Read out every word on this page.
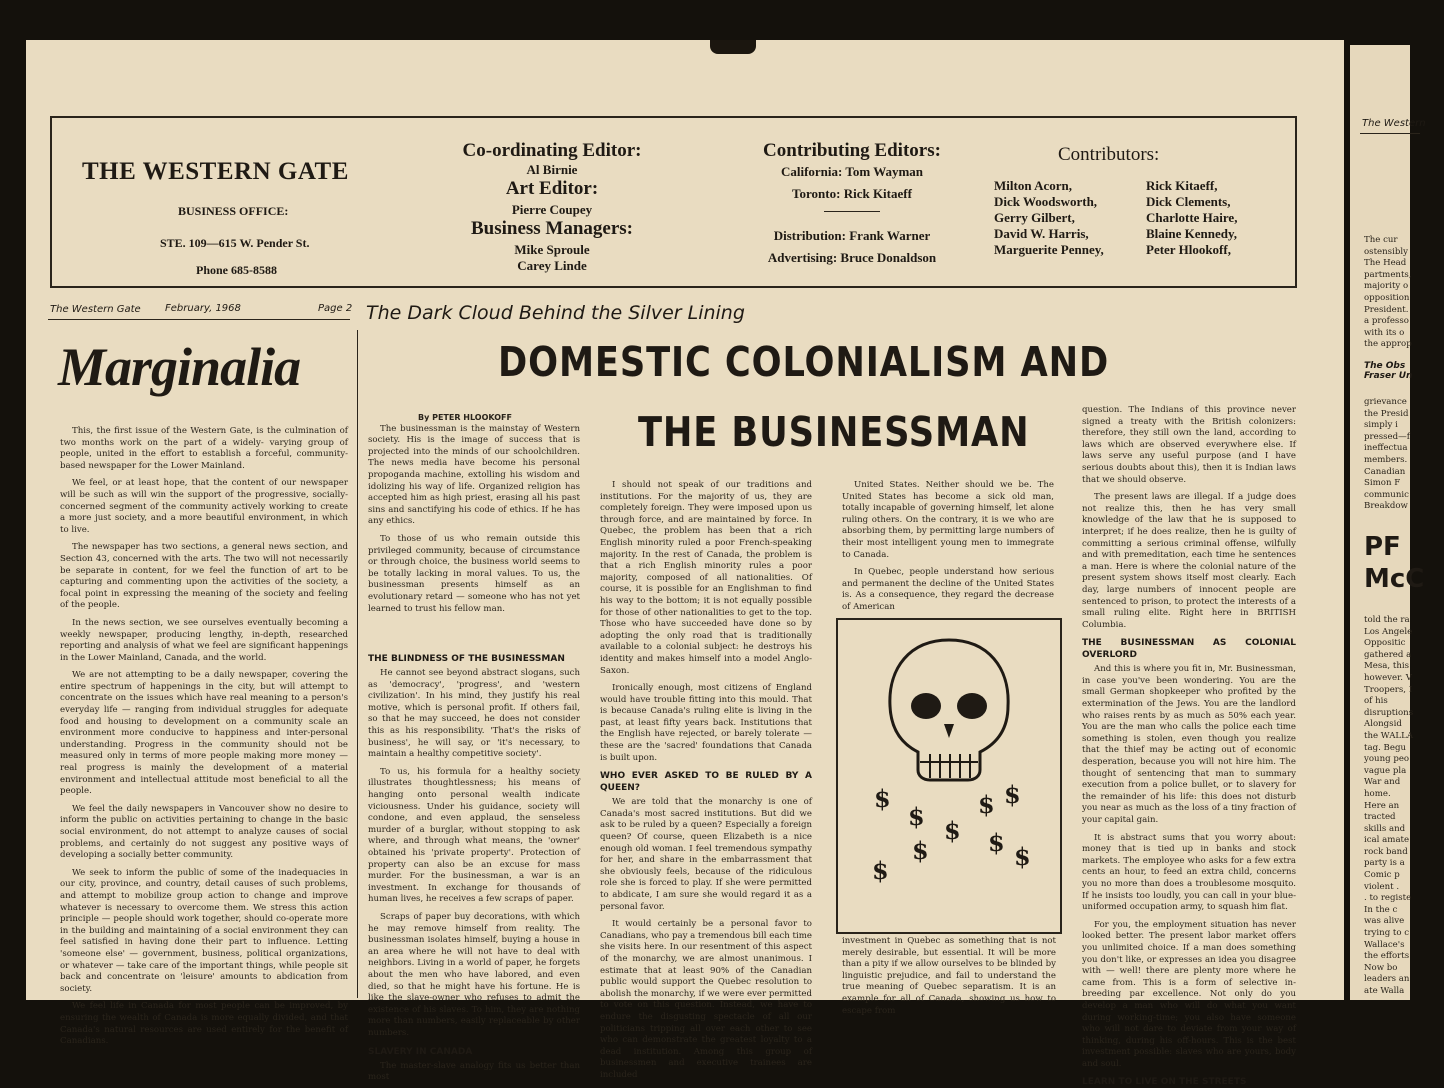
THE WESTERN GATE
BUSINESS OFFICE:
STE. 109—615 W. Pender St.
Phone 685-8588
Co-ordinating Editor:
Al Birnie
Art Editor:
Pierre Coupey
Business Managers:
Mike Sproule
Carey Linde
Contributing Editors:
California: Tom Wayman
Toronto: Rick Kitaeff
Distribution: Frank Warner
Advertising: Bruce Donaldson
Contributors:
Milton Acorn,
Dick Woodsworth,
Gerry Gilbert,
David W. Harris,
Marguerite Penney,
Rick Kitaeff,
Dick Clements,
Charlotte Haire,
Blaine Kennedy,
Peter Hlookoff,
The Western Gate February, 1968	Page 2 The Dark Cloud Behind the Silver Lining
Marginalia

This, the first issue of the Western Gate, is the culmination of two months work on the part of a widely- varying group of people, united in the effort to establish a forceful, community-based newspaper for the Lower Mainland.

We feel, or at least hope, that the content of our newspaper will be such as will win the support of the progressive, socially-concerned segment of the community actively working to create a more just society, and a more beautiful environment, in which to live.

The newspaper has two sections, a general news section, and Section 43, concerned with the arts. The two will not necessarily be separate in content, for we feel the function of art to be capturing and commenting upon the activities of the society, a focal point in expressing the meaning of the society and feeling of the people.

In the news section, we see ourselves eventually becoming a weekly newspaper, producing lengthy, in-depth, researched reporting and analysis of what we feel are significant happenings in the Lower Mainland, Canada, and the world.

We are not attempting to be a daily newspaper, covering the entire spectrum of happenings in the city, but will attempt to concentrate on the issues which have real meaning to a person's everyday life — ranging from individual struggles for adequate food and housing to development on a community scale an environment more conducive to happiness and inter-personal understanding. Progress in the community should not be measured only in terms of more people making more money — real progress is mainly the development of a material environment and intellectual attitude most beneficial to all the people.

We feel the daily newspapers in Vancouver show no desire to inform the public on activities pertaining to change in the basic social environment, do not attempt to analyze causes of social problems, and certainly do not suggest any positive ways of developing a socially better community.

We seek to inform the public of some of the inadequacies in our city, province, and country, detail causes of such problems, and attempt to mobilize group action to change and improve whatever is necessary to overcome them. We stress this action principle — people should work together, should co-operate more in the building and maintaining of a social environment they can feel satisfied in having done their part to influence. Letting 'someone else' — government, business, political organizations, or whatever — take care of the important things, while people sit back and concentrate on 'leisure' amounts to abdication from society.

We feel life in Canada for most people can be improved, by ensuring the wealth of Canada is more equally divided, and that Canada's natural resources are used entirely for the benefit of Canadians.

DOMESTIC COLONIALISM AND
THE BUSINESSMAN
By PETER HLOOKOFF

The businessman is the mainstay of Western society. His is the image of success that is projected into the minds of our schoolchildren. The news media have become his personal propoganda machine, extolling his wisdom and idolizing his way of life. Organized religion has accepted him as high priest, erasing all his past sins and sanctifying his code of ethics. If he has any ethics.

To those of us who remain outside this privileged community, because of circumstance or through choice, the business world seems to be totally lacking in moral values. To us, the businessman presents himself as an evolutionary retard — someone who has not yet learned to trust his fellow man.

THE BLINDNESS OF THE BUSINESSMAN

He cannot see beyond abstract slogans, such as 'democracy', 'progress', and 'western civilization'. In his mind, they justify his real motive, which is personal profit. If others fail, so that he may succeed, he does not consider this as his responsibility. 'That's the risks of business', he will say, or 'it's necessary, to maintain a healthy competitive society'.

To us, his formula for a healthy society illustrates thoughtlessness; his means of hanging onto personal wealth indicate viciousness. Under his guidance, society will condone, and even applaud, the senseless murder of a burglar, without stopping to ask where, and through what means, the 'owner' obtained his 'private property'. Protection of property can also be an excuse for mass murder. For the businessman, a war is an investment. In exchange for thousands of human lives, he receives a few scraps of paper.

Scraps of paper buy decorations, with which he may remove himself from reality. The businessman isolates himself, buying a house in an area where he will not have to deal with neighbors. Living in a world of paper, he forgets about the men who have labored, and even died, so that he might have his fortune. He is like the slave-owner who refuses to admit the existence of his slaves. To him, they are nothing more than numbers, easily replaceable by other numbers.

SLAVERY IN CANADA

The master-slave analogy fits us better than most

I should not speak of our traditions and institutions. For the majority of us, they are completely foreign. They were imposed upon us through force, and are maintained by force. In Quebec, the problem has been that a rich English minority ruled a poor French-speaking majority. In the rest of Canada, the problem is that a rich English minority rules a poor majority, composed of all nationalities. Of course, it is possible for an Englishman to find his way to the bottom; it is not equally possible for those of other nationalities to get to the top. Those who have succeeded have done so by adopting the only road that is traditionally available to a colonial subject: he destroys his identity and makes himself into a model Anglo-Saxon.

Ironically enough, most citizens of England would have trouble fitting into this mould. That is because Canada's ruling elite is living in the past, at least fifty years back. Institutions that the English have rejected, or barely tolerate — these are the 'sacred' foundations that Canada is built upon.

WHO EVER ASKED TO BE RULED BY A QUEEN?

We are told that the monarchy is one of Canada's most sacred institutions. But did we ask to be ruled by a queen? Especially a foreign queen? Of course, queen Elizabeth is a nice enough old woman. I feel tremendous sympathy for her, and share in the embarrassment that she obviously feels, because of the ridiculous role she is forced to play. If she were permitted to abdicate, I am sure she would regard it as a personal favor.

It would certainly be a personal favor to Canadians, who pay a tremendous bill each time she visits here. In our resentment of this aspect of the monarchy, we are almost unanimous. I estimate that at least 90% of the Canadian public would support the Quebec resolution to abolish the monarchy, if we were ever permitted to vote on this question. Instead, we have to endure the disgusting spectacle of all our politicians tripping all over each other to see who can demonstrate the greatest loyalty to a dead institution. Among this group of businessmen and executive trainees are included

United States. Neither should we be. The United States has become a sick old man, totally incapable of governing himself, let alone ruling others. On the contrary, it is we who are absorbing them, by permitting large numbers of their most intelligent young men to immegrate to Canada.

In Quebec, people understand how serious and permanent the decline of the United States is. As a consequence, they regard the decrease of American

$
$ $
$ $
$ $ $
$

investment in Quebec as something that is not merely desirable, but essential. It will be more than a pity if we allow ourselves to be blinded by linguistic prejudice, and fail to understand the true meaning of Quebec separatism. It is an example for all of Canada, showing us how to escape from

question. The Indians of this province never signed a treaty with the British colonizers: therefore, they still own the land, according to laws which are observed everywhere else. If laws serve any useful purpose (and I have serious doubts about this), then it is Indian laws that we should observe.

The present laws are illegal. If a judge does not realize this, then he has very small knowledge of the law that he is supposed to interpret; if he does realize, then he is guilty of committing a serious criminal offense, wilfully and with premeditation, each time he sentences a man. Here is where the colonial nature of the present system shows itself most clearly. Each day, large numbers of innocent people are sentenced to prison, to protect the interests of a small ruling elite. Right here in BRITISH Columbia.

THE BUSINESSMAN AS COLONIAL OVERLORD

And this is where you fit in, Mr. Businessman, in case you've been wondering. You are the small German shopkeeper who profited by the extermination of the Jews. You are the landlord who raises rents by as much as 50% each year. You are the man who calls the police each time something is stolen, even though you realize that the thief may be acting out of economic desperation, because you will not hire him. The thought of sentencing that man to summary execution from a police bullet, or to slavery for the remainder of his life: this does not disturb you near as much as the loss of a tiny fraction of your capital gain.

It is abstract sums that you worry about: money that is tied up in banks and stock markets. The employee who asks for a few extra cents an hour, to feed an extra child, concerns you no more than does a troublesome mosquito. If he insists too loudly, you can call in your blue-uniformed occupation army, to squash him flat.

For you, the employment situation has never looked better. The present labor market offers you unlimited choice. If a man does something you don't like, or expresses an idea you disagree with — well! there are plenty more where he came from. This is a form of selective in-breeding par excellence. Not only do you develop a man who will do what you want during working-time; you also have someone who will not dare to deviate from your way of thinking, during his off-hours. This is the best investment possible: slaves who are yours, body and soul.

LEARN TO LIVE ON THE STREETS
The Western
The cur
ostensibly
The Head
partments,
majority o
opposition
President.
a professo
with its o
the approp
The Obs
Fraser Un
grievance
the Presid
simply i
pressed—f
ineffectua
members.
Canadian
Simon F
communic
Breakdow
PF
McC
told the ra
Los Angele
Oppositic
gathered a
Mesa, this
however. V
Troopers, I
of his
disruptions
Alongsid
the WALLA
tag. Begu
young peo
vague pla
War and
home.
Here an
tracted
skills and
ical amate
rock band
party is a
Comic p
violent .
. to registe
In the c
was alive
trying to c
Wallace's
the efforts
Now bo
leaders an
ate Walla
